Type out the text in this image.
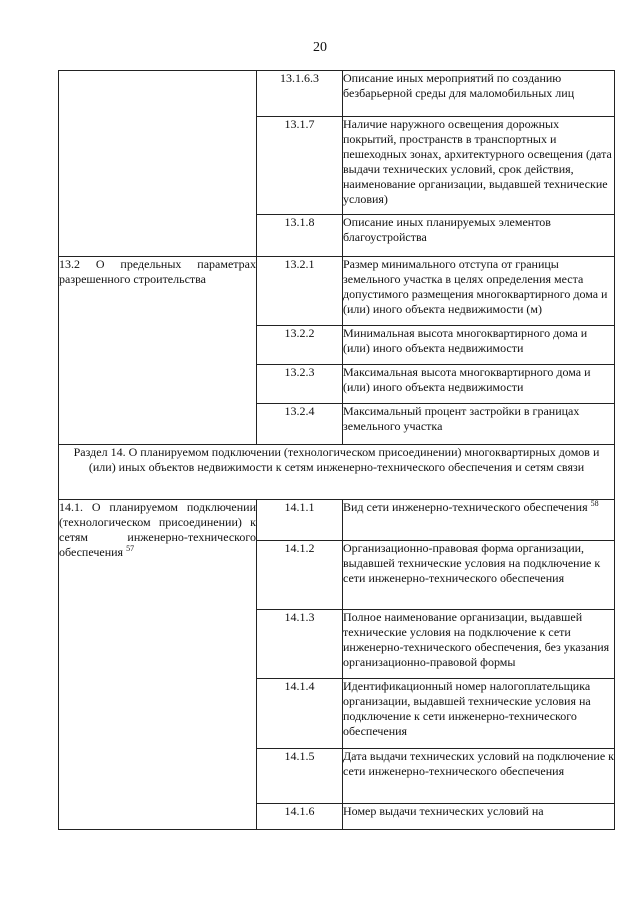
20
	13.1.6.3	Описание иных мероприятий по созданию безбарьерной среды для маломобильных лиц
	13.1.7	Наличие наружного освещения дорожных покрытий, пространств в транспортных и пешеходных зонах, архитектурного освещения (дата выдачи технических условий, срок действия, наименование организации, выдавшей технические условия)
	13.1.8	Описание иных планируемых элементов благоустройства
13.2 О предельных параметрах разрешенного строительства	13.2.1	Размер минимального отступа от границы земельного участка в целях определения места допустимого размещения многоквартирного дома и (или) иного объекта недвижимости (м)
	13.2.2	Минимальная высота многоквартирного дома и (или) иного объекта недвижимости
	13.2.3	Максимальная высота многоквартирного дома и (или) иного объекта недвижимости
	13.2.4	Максимальный процент застройки в границах земельного участка
Раздел 14. О планируемом подключении (технологическом присоединении) многоквартирных домов и (или) иных объектов недвижимости к сетям инженерно-технического обеспечения и сетям связи		
14.1. О планируемом подключении (технологическом присоединении) к сетям инженерно-технического обеспечения $^{57}$	14.1.1	Вид сети инженерно-технического обеспечения $^{58}$
	14.1.2	Организационно-правовая форма организации, выдавшей технические условия на подключение к сети инженерно-технического обеспечения
	14.1.3	Полное наименование организации, выдавшей технические условия на подключение к сети инженерно-технического обеспечения, без указания организационно-правовой формы
	14.1.4	Идентификационный номер налогоплательщика организации, выдавшей технические условия на подключение к сети инженерно-технического обеспечения
	14.1.5	Дата выдачи технических условий на подключение к сети инженерно-технического обеспечения
	14.1.6	Номер выдачи технических условий на
